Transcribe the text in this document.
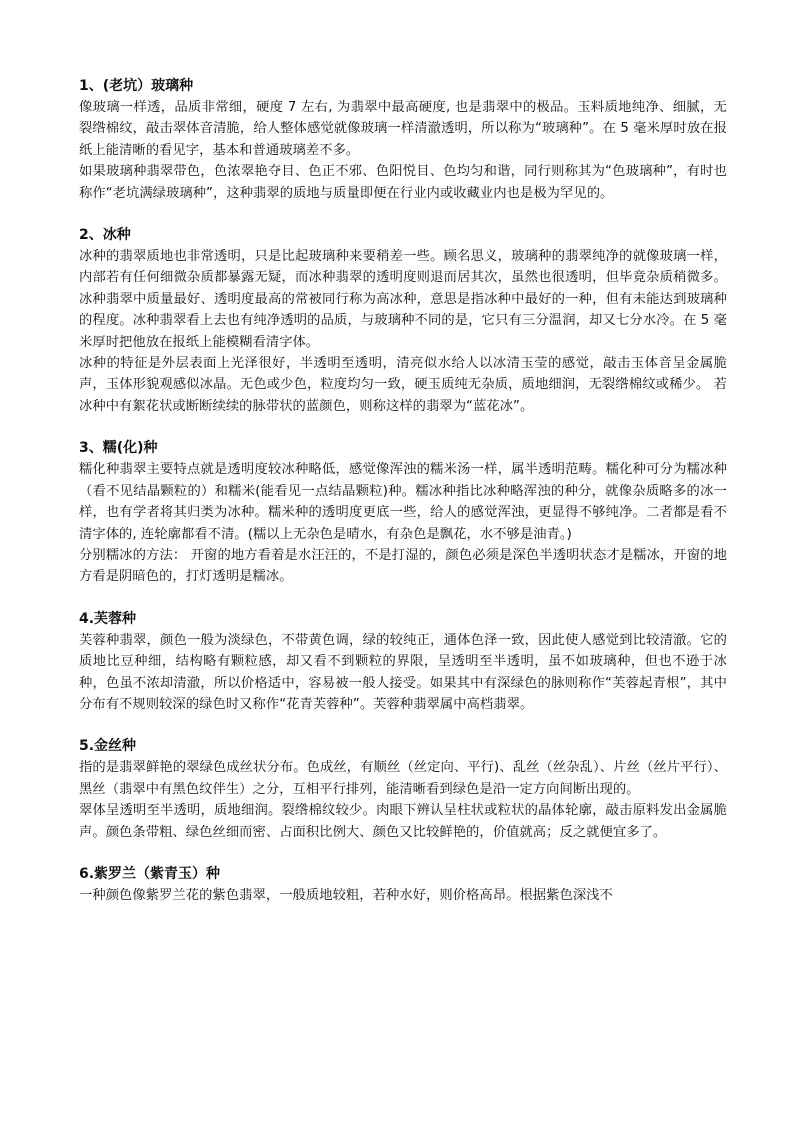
1、(老坑）玻璃种

像玻璃一样透，品质非常细，硬度 7 左右, 为翡翠中最高硬度, 也是翡翠中的极品。玉料质地纯净、细腻，无裂绺棉纹，敲击翠体音清脆，给人整体感觉就像玻璃一样清澈透明，所以称为“玻璃种”。在 5 毫米厚时放在报纸上能清晰的看见字，基本和普通玻璃差不多。

如果玻璃种翡翠带色，色浓翠艳夺目、色正不邪、色阳悦目、色均匀和谐，同行则称其为“色玻璃种”，有时也称作“老坑满绿玻璃种”，这种翡翠的质地与质量即便在行业内或收藏业内也是极为罕见的。

2、冰种

冰种的翡翠质地也非常透明，只是比起玻璃种来要稍差一些。顾名思义，玻璃种的翡翠纯净的就像玻璃一样，内部若有任何细微杂质都暴露无疑，而冰种翡翠的透明度则退而居其次，虽然也很透明，但毕竟杂质稍微多。冰种翡翠中质量最好、透明度最高的常被同行称为高冰种，意思是指冰种中最好的一种，但有未能达到玻璃种的程度。冰种翡翠看上去也有纯净透明的品质，与玻璃种不同的是，它只有三分温润，却又七分水冷。在 5 毫米厚时把他放在报纸上能模糊看清字体。

冰种的特征是外层表面上光泽很好，半透明至透明，清亮似水给人以冰清玉莹的感觉，敲击玉体音呈金属脆声，玉体形貌观感似冰晶。无色或少色，粒度均匀一致，硬玉质纯无杂质，质地细润，无裂绺棉纹或稀少。 若冰种中有絮花状或断断续续的脉带状的蓝颜色，则称这样的翡翠为“蓝花冰”。

3、糯(化)种

糯化种翡翠主要特点就是透明度较冰种略低，感觉像浑浊的糯米汤一样，属半透明范畴。糯化种可分为糯冰种（看不见结晶颗粒的）和糯米(能看见一点结晶颗粒)种。糯冰种指比冰种略浑浊的种分，就像杂质略多的冰一样，也有学者将其归类为冰种。糯米种的透明度更底一些，给人的感觉浑浊，更显得不够纯净。二者都是看不清字体的, 连轮廓都看不清。(糯以上无杂色是晴水，有杂色是飘花，水不够是油青。)

分别糯冰的方法： 开窗的地方看着是水汪汪的，不是打湿的，颜色必须是深色半透明状态才是糯冰，开窗的地方看是阴暗色的，打灯透明是糯冰。

4.芙蓉种

芙蓉种翡翠，颜色一般为淡绿色，不带黄色调，绿的较纯正，通体色泽一致，因此使人感觉到比较清澈。它的质地比豆种细，结构略有颗粒感，却又看不到颗粒的界限，呈透明至半透明，虽不如玻璃种，但也不逊于冰种，色虽不浓却清澈，所以价格适中，容易被一般人接受。如果其中有深绿色的脉则称作“芙蓉起青根”，其中分布有不规则较深的绿色时又称作“花青芙蓉种”。芙蓉种翡翠属中高档翡翠。

5.金丝种

指的是翡翠鲜艳的翠绿色成丝状分布。色成丝，有顺丝（丝定向、平行)、乱丝（丝杂乱）、片丝（丝片平行）、黑丝（翡翠中有黑色纹伴生）之分，互相平行排列，能清晰看到绿色是沿一定方向间断出现的。

翠体呈透明至半透明，质地细润。裂绺棉纹较少。肉眼下辨认呈柱状或粒状的晶体轮廓，敲击原料发出金属脆声。颜色条带粗、绿色丝细而密、占面积比例大、颜色又比较鲜艳的，价值就高；反之就便宜多了。

6.紫罗兰（紫青玉）种

一种颜色像紫罗兰花的紫色翡翠，一般质地较粗，若种水好，则价格高昂。根据紫色深浅不
